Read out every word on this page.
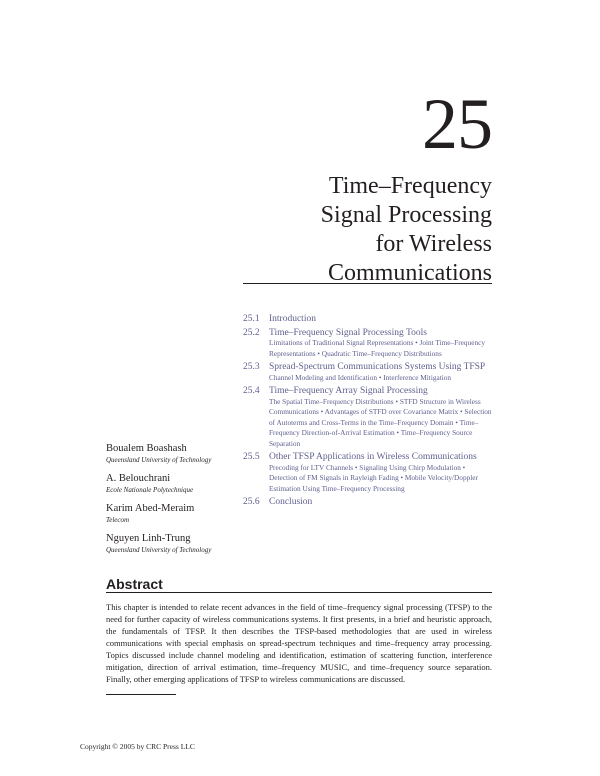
25
Time–Frequency
Signal Processing
for Wireless
Communications
25.1 Introduction
25.2 Time–Frequency Signal Processing Tools
Limitations of Traditional Signal Representations • Joint Time–Frequency Representations • Quadratic Time–Frequency Distributions
25.3 Spread-Spectrum Communications Systems Using TFSP
Channel Modeling and Identification • Interference Mitigation
25.4 Time–Frequency Array Signal Processing
The Spatial Time–Frequency Distributions • STFD Structure in Wireless Communications • Advantages of STFD over Covariance Matrix • Selection of Autoterms and Cross-Terms in the Time–Frequency Domain • Time–Frequency Direction-of-Arrival Estimation • Time–Frequency Source Separation
25.5 Other TFSP Applications in Wireless Communications
Precoding for LTV Channels • Signaling Using Chirp Modulation • Detection of FM Signals in Rayleigh Fading • Mobile Velocity/Doppler Estimation Using Time–Frequency Processing
25.6 Conclusion
Boualem Boashash
Queensland University of Technology
A. Belouchrani
Ecole Nationale Polytechnique
Karim Abed-Meraim
Telecom
Nguyen Linh-Trung
Queensland University of Technology
Abstract
This chapter is intended to relate recent advances in the field of time–frequency signal processing (TFSP) to the need for further capacity of wireless communications systems. It first presents, in a brief and heuristic approach, the fundamentals of TFSP. It then describes the TFSP-based methodologies that are used in wireless communications with special emphasis on spread-spectrum techniques and time–frequency array processing. Topics discussed include channel modeling and identification, estimation of scattering function, interference mitigation, direction of arrival estimation, time–frequency MUSIC, and time–frequency source separation. Finally, other emerging applications of TFSP to wireless communications are discussed.
Copyright © 2005 by CRC Press LLC
